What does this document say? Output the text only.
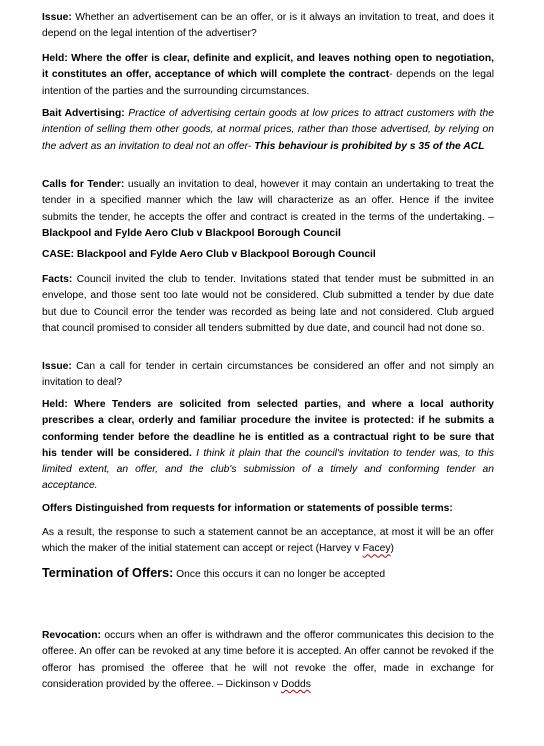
Issue: Whether an advertisement can be an offer, or is it always an invitation to treat, and does it depend on the legal intention of the advertiser?

Held: Where the offer is clear, definite and explicit, and leaves nothing open to negotiation, it constitutes an offer, acceptance of which will complete the contract- depends on the legal intention of the parties and the surrounding circumstances.

Bait Advertising: Practice of advertising certain goods at low prices to attract customers with the intention of selling them other goods, at normal prices, rather than those advertised, by relying on the advert as an invitation to deal not an offer- This behaviour is prohibited by s 35 of the ACL

Calls for Tender: usually an invitation to deal, however it may contain an undertaking to treat the tender in a specified manner which the law will characterize as an offer. Hence if the invitee submits the tender, he accepts the offer and contract is created in the terms of the undertaking. – Blackpool and Fylde Aero Club v Blackpool Borough Council

CASE: Blackpool and Fylde Aero Club v Blackpool Borough Council

Facts: Council invited the club to tender. Invitations stated that tender must be submitted in an envelope, and those sent too late would not be considered. Club submitted a tender by due date but due to Council error the tender was recorded as being late and not considered. Club argued that council promised to consider all tenders submitted by due date, and council had not done so.

Issue: Can a call for tender in certain circumstances be considered an offer and not simply an invitation to deal?

Held: Where Tenders are solicited from selected parties, and where a local authority prescribes a clear, orderly and familiar procedure the invitee is protected: if he submits a conforming tender before the deadline he is entitled as a contractual right to be sure that his tender will be considered. I think it plain that the council's invitation to tender was, to this limited extent, an offer, and the club's submission of a timely and conforming tender an acceptance.

Offers Distinguished from requests for information or statements of possible terms:

As a result, the response to such a statement cannot be an acceptance, at most it will be an offer which the maker of the initial statement can accept or reject (Harvey v Facey)

Termination of Offers: Once this occurs it can no longer be accepted

Revocation: occurs when an offer is withdrawn and the offeror communicates this decision to the offeree. An offer can be revoked at any time before it is accepted. An offer cannot be revoked if the offeror has promised the offeree that he will not revoke the offer, made in exchange for consideration provided by the offeree. – Dickinson v Dodds
